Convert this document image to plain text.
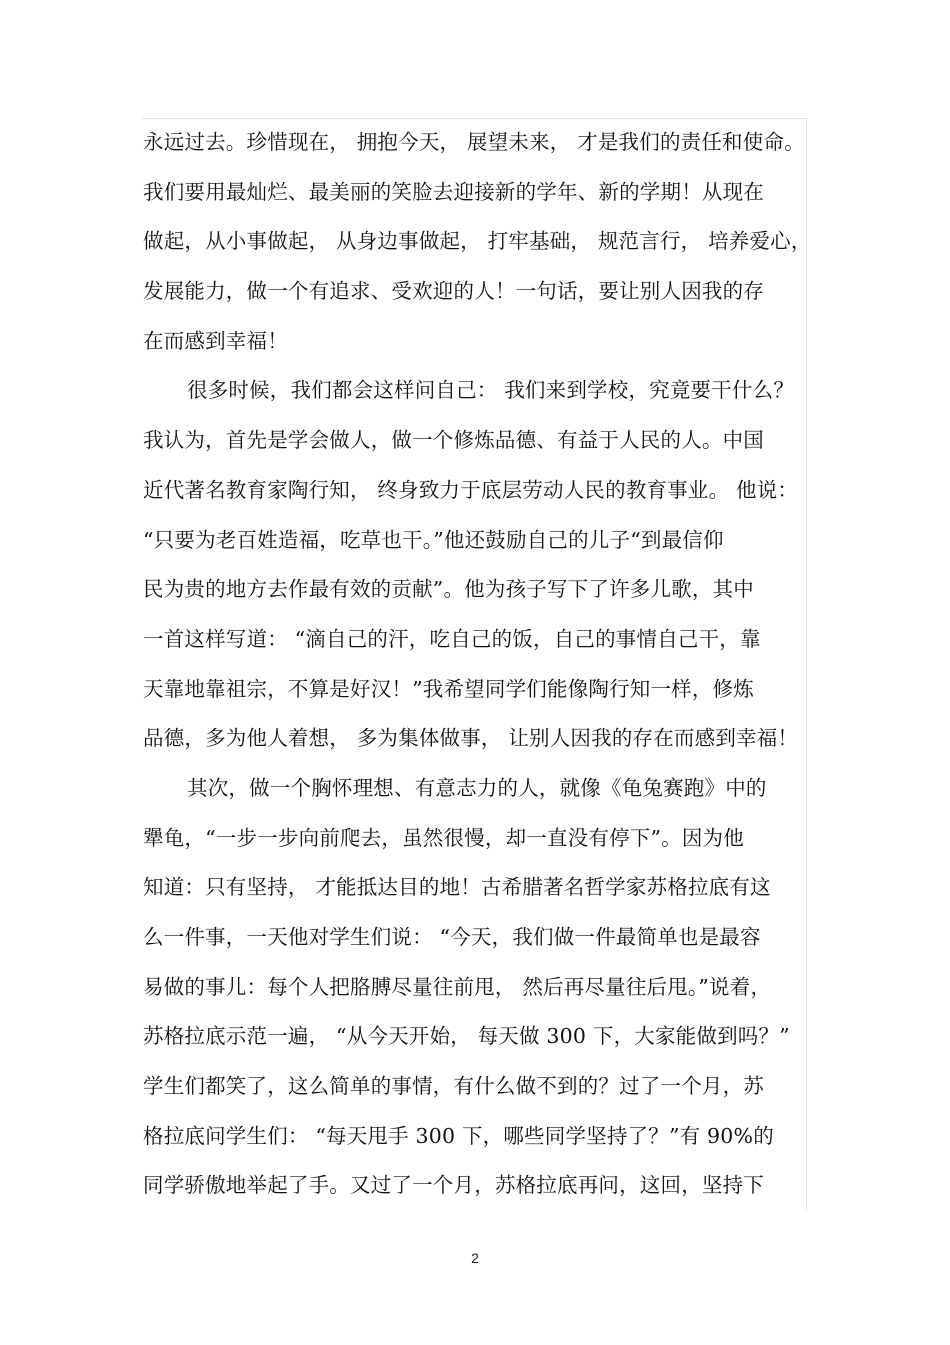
永远过去。珍惜现在， 拥抱今天， 展望未来， 才是我们的责任和使命。
我们要用最灿烂、最美丽的笑脸去迎接新的学年、新的学期！从现在
做起，从小事做起， 从身边事做起， 打牢基础， 规范言行， 培养爱心，
发展能力，做一个有追求、受欢迎的人！一句话，要让别人因我的存
在而感到幸福！
很多时候，我们都会这样问自己： 我们来到学校，究竟要干什么？
我认为，首先是学会做人，做一个修炼品德、有益于人民的人。中国
近代著名教育家陶行知， 终身致力于底层劳动人民的教育事业。 他说：
“只要为老百姓造福，吃草也干。”他还鼓励自己的儿子“到最信仰
民为贵的地方去作最有效的贡献”。他为孩子写下了许多儿歌，其中
一首这样写道： “滴自己的汗，吃自己的饭，自己的事情自己干，靠
天靠地靠祖宗，不算是好汉！”我希望同学们能像陶行知一样，修炼
品德，多为他人着想， 多为集体做事， 让别人因我的存在而感到幸福！
其次，做一个胸怀理想、有意志力的人，就像《龟兔赛跑》中的
犟龟，“一步一步向前爬去，虽然很慢，却一直没有停下”。因为他
知道：只有坚持， 才能抵达目的地！古希腊著名哲学家苏格拉底有这
么一件事，一天他对学生们说： “今天，我们做一件最简单也是最容
易做的事儿：每个人把胳膊尽量往前甩， 然后再尽量往后甩。”说着，
苏格拉底示范一遍， “从今天开始， 每天做 300 下，大家能做到吗？”
学生们都笑了，这么简单的事情，有什么做不到的？过了一个月，苏
格拉底问学生们： “每天甩手 300 下，哪些同学坚持了？”有 90%的
同学骄傲地举起了手。又过了一个月，苏格拉底再问，这回，坚持下
2
